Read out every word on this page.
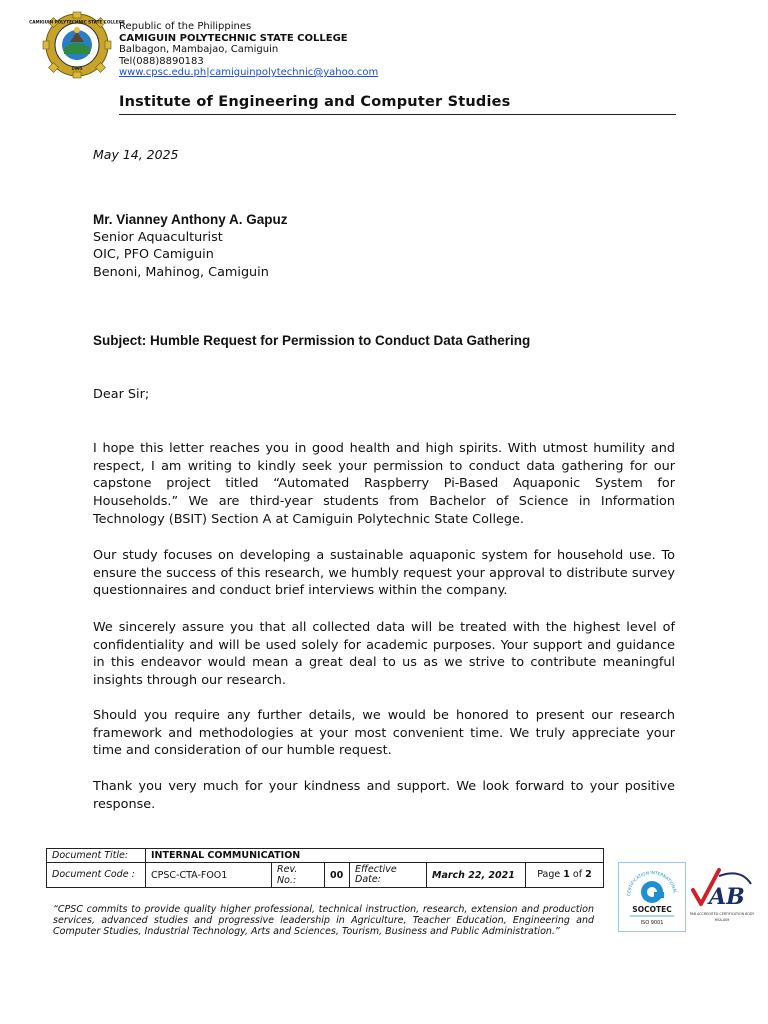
CAMIGUIN POLYTECHNIC STATE COLLEGE
1995
Republic of the Philippines
CAMIGUIN POLYTECHNIC STATE COLLEGE
Balbagon, Mambajao, Camiguin
Tel(088)8890183
www.cpsc.edu.ph|camiguinpolytechnic@yahoo.com
Institute of Engineering and Computer Studies
May 14, 2025
Mr. Vianney Anthony A. Gapuz
Senior Aquaculturist
OIC, PFO Camiguin
Benoni, Mahinog, Camiguin
Subject: Humble Request for Permission to Conduct Data Gathering
Dear Sir;
I hope this letter reaches you in good health and high spirits. With utmost humility and respect, I am writing to kindly seek your permission to conduct data gathering for our capstone project titled “Automated Raspberry Pi-Based Aquaponic System for Households.” We are third-year students from Bachelor of Science in Information Technology (BSIT) Section A at Camiguin Polytechnic State College.
Our study focuses on developing a sustainable aquaponic system for household use. To ensure the success of this research, we humbly request your approval to distribute survey questionnaires and conduct brief interviews within the company.
We sincerely assure you that all collected data will be treated with the highest level of confidentiality and will be used solely for academic purposes. Your support and guidance in this endeavor would mean a great deal to us as we strive to contribute meaningful insights through our research.
Should you require any further details, we would be honored to present our research framework and methodologies at your most convenient time. We truly appreciate your time and consideration of our humble request.
Thank you very much for your kindness and support. We look forward to your positive response.
Document Title:	INTERNAL COMMUNICATION					
Document Code :	CPSC-CTA-FOO1	Rev. No.:	00	Effective Date:	March 22, 2021	Page 1 of 2
“CPSC commits to provide quality higher professional, technical instruction, research, extension and production services, advanced studies and progressive leadership in Agriculture, Teacher Education, Engineering and Computer Studies, Industrial Technology, Arts and Sciences, Tourism, Business and Public Administration.”
CERTIFICATION INTERNATIONAL
SOCOTEC
ISO 9001
AB
PAB ACCREDITED CERTIFICATION BODY
MSA-009
